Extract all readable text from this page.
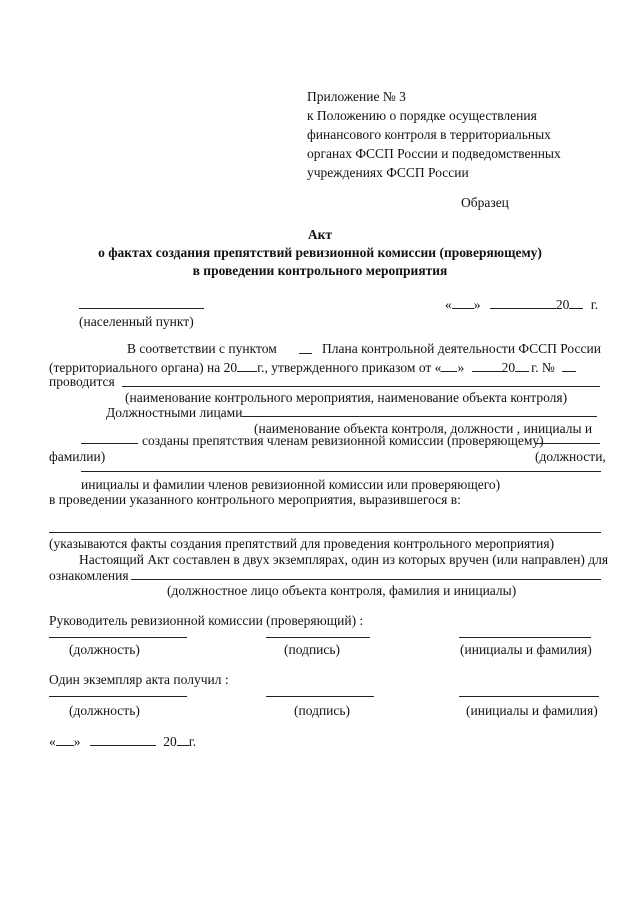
Приложение № 3
к Положению о порядке осуществления
финансового контроля в территориальных
органах ФССП России и подведомственных
учреждениях ФССП России
Образец
Акт
о фактах создания препятствий ревизионной комиссии (проверяющему)
в проведении контрольного мероприятия
(населенный пункт)
« »	20 г.
В соответствии с пунктом	Плана контрольной деятельности ФССП России
(территориального органа) на 20 г., утвержденного приказом от « »	20 г. №
проводится
(наименование контрольного мероприятия, наименование объекта контроля)
Должностными лицами
(наименование объекта контроля, должности , инициалы и
созданы препятствия членам ревизионной комиссии (проверяющему)
фамилии)	(должности,
инициалы и фамилии членов ревизионной комиссии или проверяющего)
в проведении указанного контрольного мероприятия, выразившегося в:
(указываются факты создания препятствий для проведения контрольного мероприятия)
Настоящий Акт составлен в двух экземплярах, один из которых вручен (или направлен) для
ознакомления
(должностное лицо объекта контроля, фамилия и инициалы)
Руководитель ревизионной комиссии (проверяющий) :
(должность)	(подпись)	(инициалы и фамилия)
Один экземпляр акта получил :
(должность)	(подпись)	(инициалы и фамилия)
« »	20 г.
